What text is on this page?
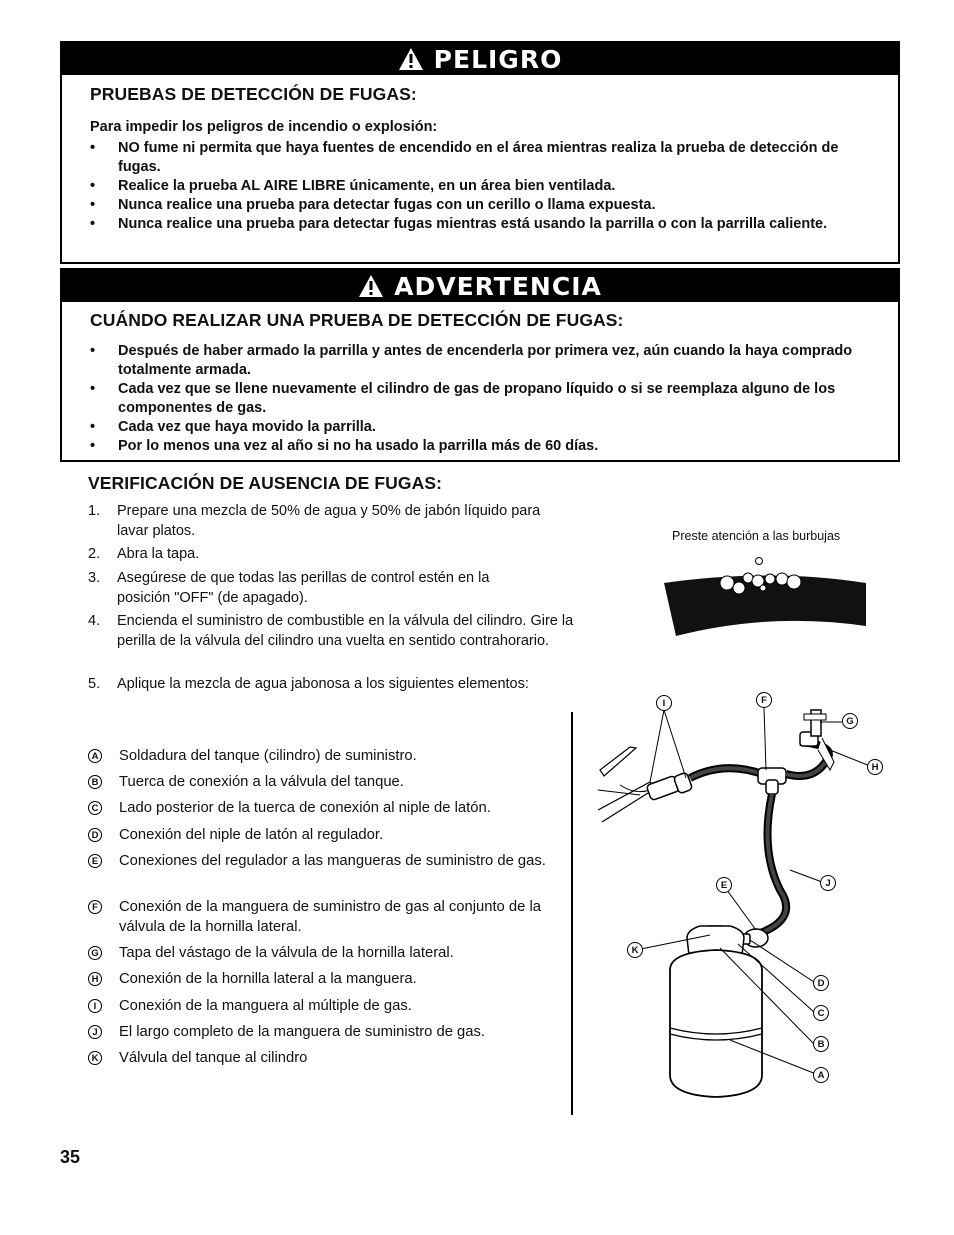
PELIGRO
PRUEBAS DE DETECCIÓN DE FUGAS:
Para impedir los peligros de incendio o explosión:
• NO fume ni permita que haya fuentes de encendido en el área mientras realiza la prueba de detección de fugas.
• Realice la prueba AL AIRE LIBRE únicamente, en un área bien ventilada.
• Nunca realice una prueba para detectar fugas con un cerillo o llama expuesta.
• Nunca realice una prueba para detectar fugas mientras está usando la parrilla o con la parrilla caliente.
ADVERTENCIA
CUÁNDO REALIZAR UNA PRUEBA DE DETECCIÓN DE FUGAS:
• Después de haber armado la parrilla y antes de encenderla por primera vez, aún cuando la haya comprado totalmente armada.
• Cada vez que se llene nuevamente el cilindro de gas de propano líquido o si se reemplaza alguno de los componentes de gas.
• Cada vez que haya movido la parrilla.
• Por lo menos una vez al año si no ha usado la parrilla más de 60 días.
VERIFICACIÓN DE AUSENCIA DE FUGAS:
1. Prepare una mezcla de 50% de agua y 50% de jabón líquido para lavar platos.
2. Abra la tapa.
3. Asegúrese de que todas las perillas de control estén en la posición "OFF" (de apagado).
4. Encienda el suministro de combustible en la válvula del cilindro. Gire la perilla de la válvula del cilindro una vuelta en sentido contrahorario.
5. Aplique la mezcla de agua jabonosa a los siguientes elementos:
Preste atención a las burbujas
A Soldadura del tanque (cilindro) de suministro.
B Tuerca de conexión a la válvula del tanque.
C Lado posterior de la tuerca de conexión al niple de latón.
D Conexión del niple de latón al regulador.
E Conexiones del regulador a las mangueras de suministro de gas.
F Conexión de la manguera de suministro de gas al conjunto de la válvula de la hornilla lateral.
G Tapa del vástago de la válvula de la hornilla lateral.
H Conexión de la hornilla lateral a la manguera.
I	Conexión de la manguera al múltiple de gas.
J El largo completo de la manguera de suministro de gas.
K Válvula del tanque al cilindro
I	F
G
H
E	J
K
D
C
B
A
35
